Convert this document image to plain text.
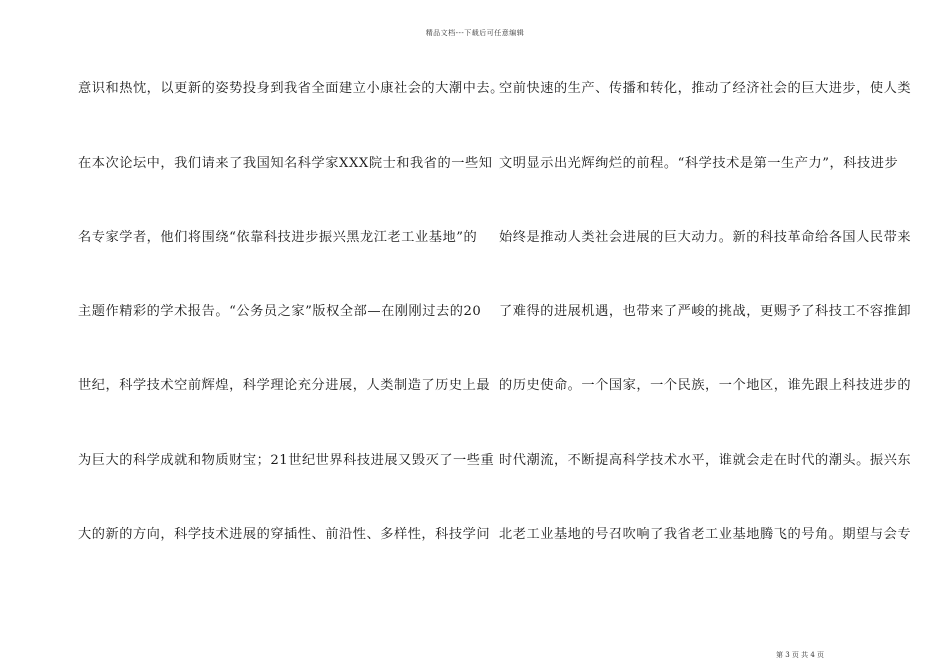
精品文档---下载后可任意编辑
意识和热忱，以更新的姿势投身到我省全面建立小康社会的大潮中去。
在本次论坛中，我们请来了我国知名科学家XXX院士和我省的一些知
名专家学者，他们将围绕“依靠科技进步振兴黑龙江老工业基地”的
主题作精彩的学术报告。“公务员之家”版权全部—在刚刚过去的20
世纪，科学技术空前辉煌，科学理论充分进展，人类制造了历史上最
为巨大的科学成就和物质财宝；21世纪世界科技进展又毁灭了一些重
大的新的方向，科学技术进展的穿插性、前沿性、多样性，科技学问
空前快速的生产、传播和转化，推动了经济社会的巨大进步，使人类
文明显示出光辉绚烂的前程。“科学技术是第一生产力”，科技进步
始终是推动人类社会进展的巨大动力。新的科技革命给各国人民带来
了难得的进展机遇，也带来了严峻的挑战，更赐予了科技工不容推卸
的历史使命。一个国家，一个民族，一个地区，谁先跟上科技进步的
时代潮流，不断提高科学技术水平，谁就会走在时代的潮头。振兴东
北老工业基地的号召吹响了我省老工业基地腾飞的号角。期望与会专
第 3 页 共 4 页
